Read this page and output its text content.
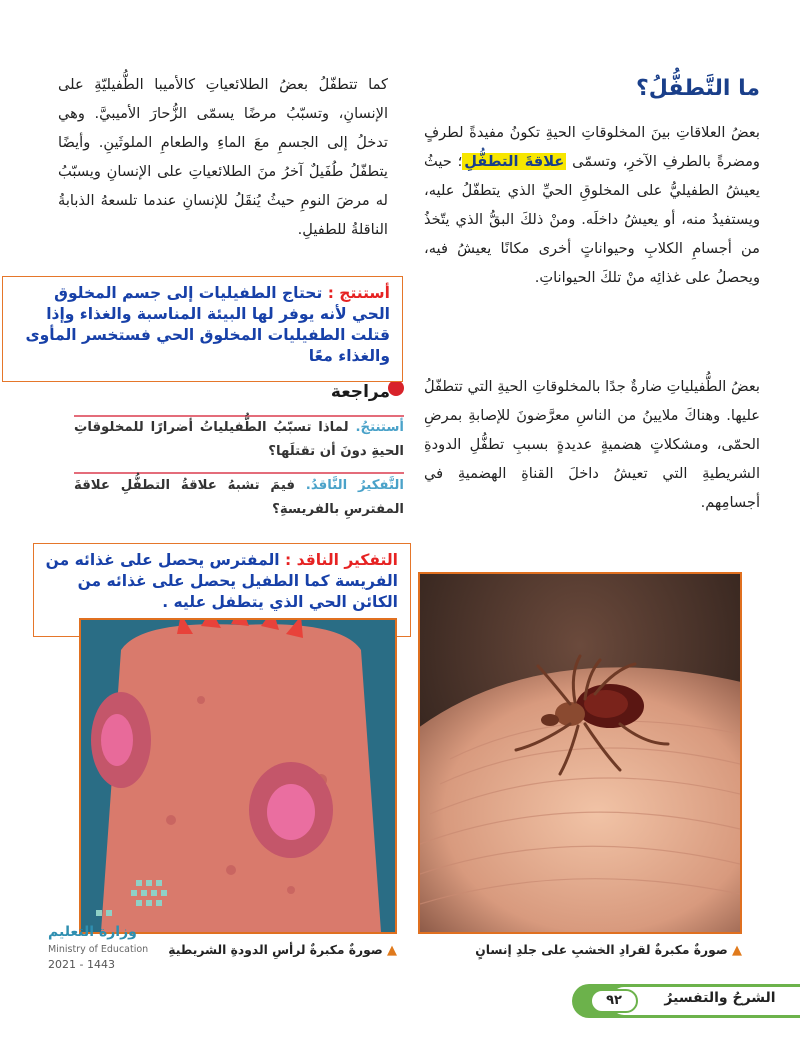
ما التَّطفُّلُ؟
بعضُ العلاقاتِ بينَ المخلوقاتِ الحيةِ تكونُ مفيدةً لطرفٍ ومضرةً بالطرفِ الآخرِ، وتسمّى علاقةَ التطفُّلِ؛ حيثُ يعيشُ الطفيليُّ على المخلوقِ الحيِّ الذي يتطفّلُ عليه، ويستفيدُ منه، أو يعيشُ داخلَه. ومنْ ذلكَ البقُّ الذي يتّخذُ من أجسامِ الكلابِ وحيواناتٍ أخرى مكانًا يعيشُ فيه، ويحصلُ على غذائِه منْ تلكَ الحيواناتِ.
بعضُ الطُّفيلياتِ ضارةٌ جدًا بالمخلوقاتِ الحيةِ التي تتطفّلُ عليها. وهناكَ ملايينُ من الناسِ معرَّضونَ للإصابةِ بمرضِ الحمّى، ومشكلاتٍ هضميةٍ عديدةٍ بسببِ تطفُّلِ الدودةِ الشريطيةِ التي تعيشُ داخلَ القناةِ الهضميةِ في أجسامِهم.
كما تتطفّلُ بعضُ الطلائعياتِ كالأميبا الطُّفيليّةِ على الإنسانِ، وتسبّبُ مرضًا يسمّى الزُّحارَ الأميبيَّ. وهي تدخلُ إلى الجسمِ معَ الماءِ والطعامِ الملوثَينِ. وأيضًا يتطفّلُ طُفَيلٌ آخرُ منَ الطلائعياتِ على الإنسانِ ويسبّبُ له مرضَ النومِ حيثُ يُنقَلُ للإنسانِ عندما تلسعهُ الذبابةُ الناقلةُ للطفيلِ.
مراجعة
أستنتجُ. لماذا تسبّبُ الطُّفيلياتُ أضرارًا للمخلوقاتِ الحيةِ دونَ أن تقتلَها؟
التَّفكيرُ النَّاقدُ. فيمَ تشبهُ علاقةُ التطفُّلِ علاقةَ المفترسِ بالفريسةِ؟
أستنتج : تحتاج الطفيليات إلى جسم المخلوق الحي لأنه يوفر لها البيئة المناسبة والغذاء وإذا قتلت الطفيليات المخلوق الحي فستخسر المأوى والغذاء معًا
التفكير الناقد : المفترس يحصل على غذائه من الفريسة كما الطفيل يحصل على غذائه من الكائن الحي الذي يتطفل عليه .
▲ صورةٌ مكبرةٌ لقرادِ الخشبِ على جلدِ إنسانٍ
▲ صورةٌ مكبرةٌ لرأسِ الدودةِ الشريطيةِ
وزارة التعليم
Ministry of Education
2021 - 1443
الشرحُ والتفسيرُ
٩٢
